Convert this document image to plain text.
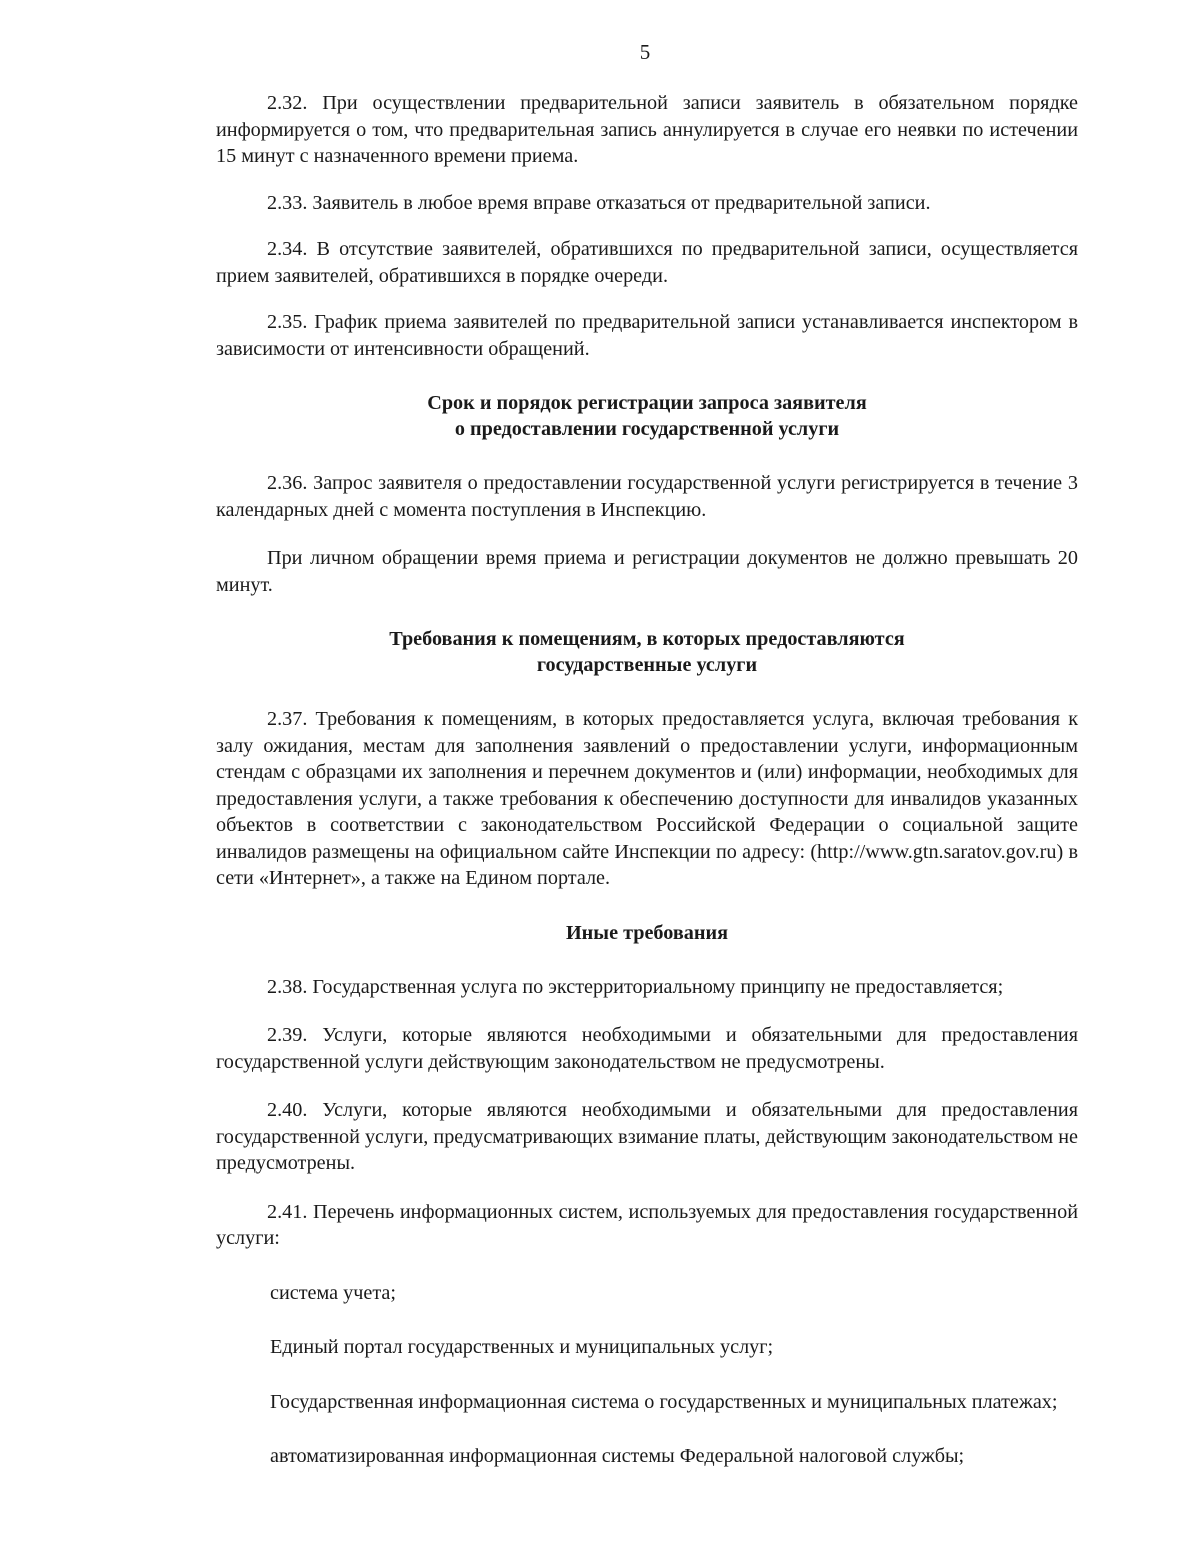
5

2.32. При осуществлении предварительной записи заявитель в обязательном порядке информируется о том, что предварительная запись аннулируется в случае его неявки по истечении 15 минут с назначенного времени приема.

2.33. Заявитель в любое время вправе отказаться от предварительной записи.

2.34. В отсутствие заявителей, обратившихся по предварительной записи, осуществляется прием заявителей, обратившихся в порядке очереди.

2.35. График приема заявителей по предварительной записи устанавливается инспектором в зависимости от интенсивности обращений.

Срок и порядок регистрации запроса заявителя
о предоставлении государственной услуги

2.36. Запрос заявителя о предоставлении государственной услуги регистрируется в течение 3 календарных дней с момента поступления в Инспекцию.

При личном обращении время приема и регистрации документов не должно превышать 20 минут.

Требования к помещениям, в которых предоставляются
государственные услуги

2.37. Требования к помещениям, в которых предоставляется услуга, включая требования к залу ожидания, местам для заполнения заявлений о предоставлении услуги, информационным стендам с образцами их заполнения и перечнем документов и (или) информации, необходимых для предоставления услуги, а также требования к обеспечению доступности для инвалидов указанных объектов в соответствии с законодательством Российской Федерации о социальной защите инвалидов размещены на официальном сайте Инспекции по адресу: (http://www.gtn.saratov.gov.ru) в сети «Интернет», а также на Едином портале.

Иные требования

2.38. Государственная услуга по экстерриториальному принципу не предоставляется;

2.39. Услуги, которые являются необходимыми и обязательными для предоставления государственной услуги действующим законодательством не предусмотрены.

2.40. Услуги, которые являются необходимыми и обязательными для предоставления государственной услуги, предусматривающих взимание платы, действующим законодательством не предусмотрены.

2.41. Перечень информационных систем, используемых для предоставления государственной услуги:

система учета;

Единый портал государственных и муниципальных услуг;

Государственная информационная система о государственных и муниципальных платежах;

автоматизированная информационная системы Федеральной налоговой службы;
